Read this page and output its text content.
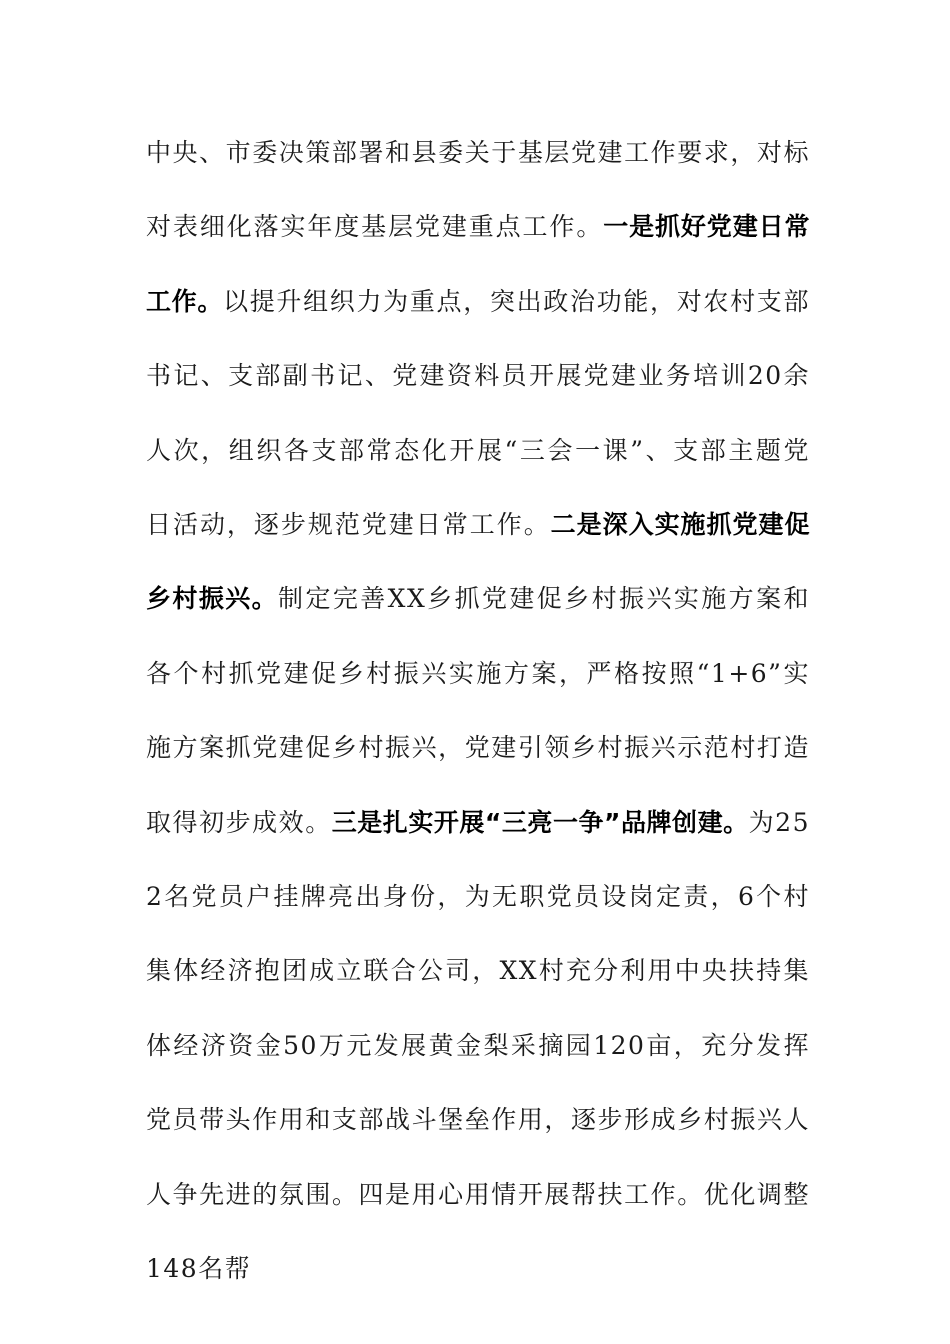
中央、市委决策部署和县委关于基层党建工作要求，对标对表细化落实年度基层党建重点工作。一是抓好党建日常工作。以提升组织力为重点，突出政治功能，对农村支部书记、支部副书记、党建资料员开展党建业务培训20余人次，组织各支部常态化开展“三会一课”、支部主题党日活动，逐步规范党建日常工作。二是深入实施抓党建促乡村振兴。制定完善XX乡抓党建促乡村振兴实施方案和各个村抓党建促乡村振兴实施方案，严格按照“1+6”实施方案抓党建促乡村振兴，党建引领乡村振兴示范村打造取得初步成效。三是扎实开展“三亮一争”品牌创建。为252名党员户挂牌亮出身份，为无职党员设岗定责，6个村集体经济抱团成立联合公司，XX村充分利用中央扶持集体经济资金50万元发展黄金梨采摘园120亩，充分发挥党员带头作用和支部战斗堡垒作用，逐步形成乡村振兴人人争先进的氛围。四是用心用情开展帮扶工作。优化调整148名帮
